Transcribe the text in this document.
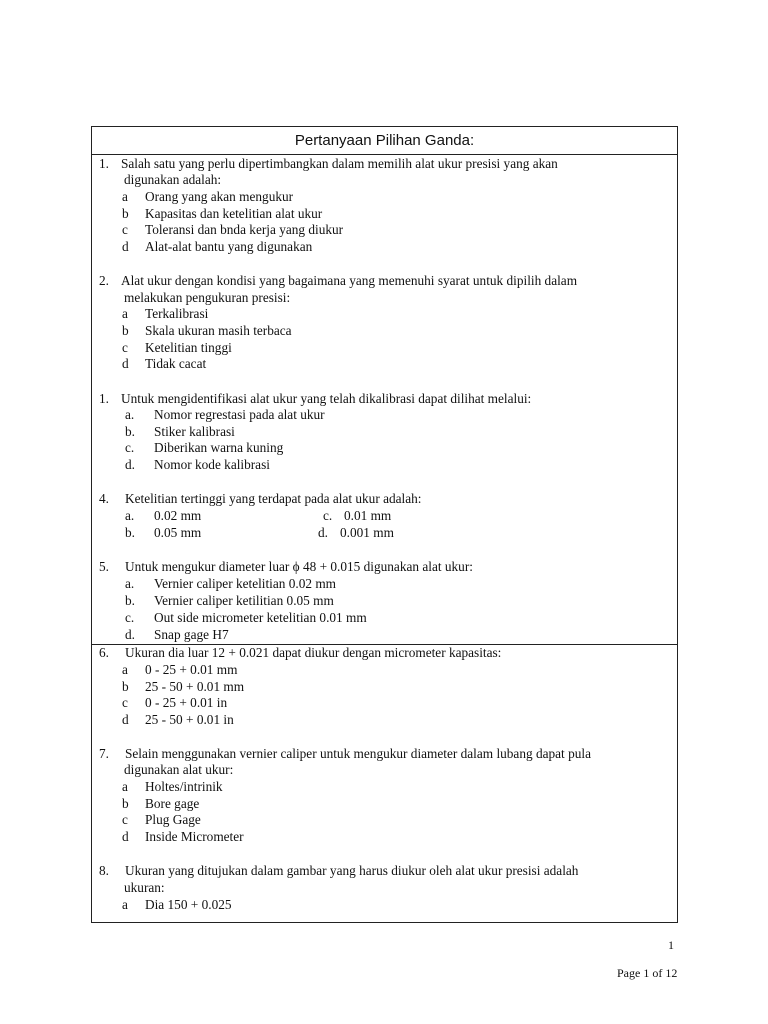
Pertanyaan Pilihan Ganda:
1. Salah satu yang perlu dipertimbangkan dalam memilih alat ukur presisi yang akan
digunakan adalah:
a Orang yang akan mengukur
b Kapasitas dan ketelitian alat ukur
c Toleransi dan bnda kerja yang diukur
d Alat-alat bantu yang digunakan
2. Alat ukur dengan kondisi yang bagaimana yang memenuhi syarat untuk dipilih dalam
melakukan pengukuran presisi:
a Terkalibrasi
b Skala ukuran masih terbaca
c Ketelitian tinggi
d Tidak cacat
1. Untuk mengidentifikasi alat ukur yang telah dikalibrasi dapat dilihat melalui:
a. Nomor regrestasi pada alat ukur
b. Stiker kalibrasi
c. Diberikan warna kuning
d. Nomor kode kalibrasi
4. Ketelitian tertinggi yang terdapat pada alat ukur adalah:
a. 0.02 mm	c. 0.01 mm
b. 0.05 mm	d. 0.001 mm
5. Untuk mengukur diameter luar ϕ 48 + 0.015 digunakan alat ukur:
a. Vernier caliper ketelitian 0.02 mm
b. Vernier caliper ketilitian 0.05 mm
c. Out side micrometer ketelitian 0.01 mm
d. Snap gage H7
6. Ukuran dia luar 12 + 0.021 dapat diukur dengan micrometer kapasitas:
a 0 - 25 + 0.01 mm
b 25 - 50 + 0.01 mm
c 0 - 25 + 0.01 in
d 25 - 50 + 0.01 in
7. Selain menggunakan vernier caliper untuk mengukur diameter dalam lubang dapat pula
digunakan alat ukur:
a Holtes/intrinik
b Bore gage
c Plug Gage
d Inside Micrometer
8. Ukuran yang ditujukan dalam gambar yang harus diukur oleh alat ukur presisi adalah
ukuran:
a Dia 150 + 0.025
1
Page 1 of 12
